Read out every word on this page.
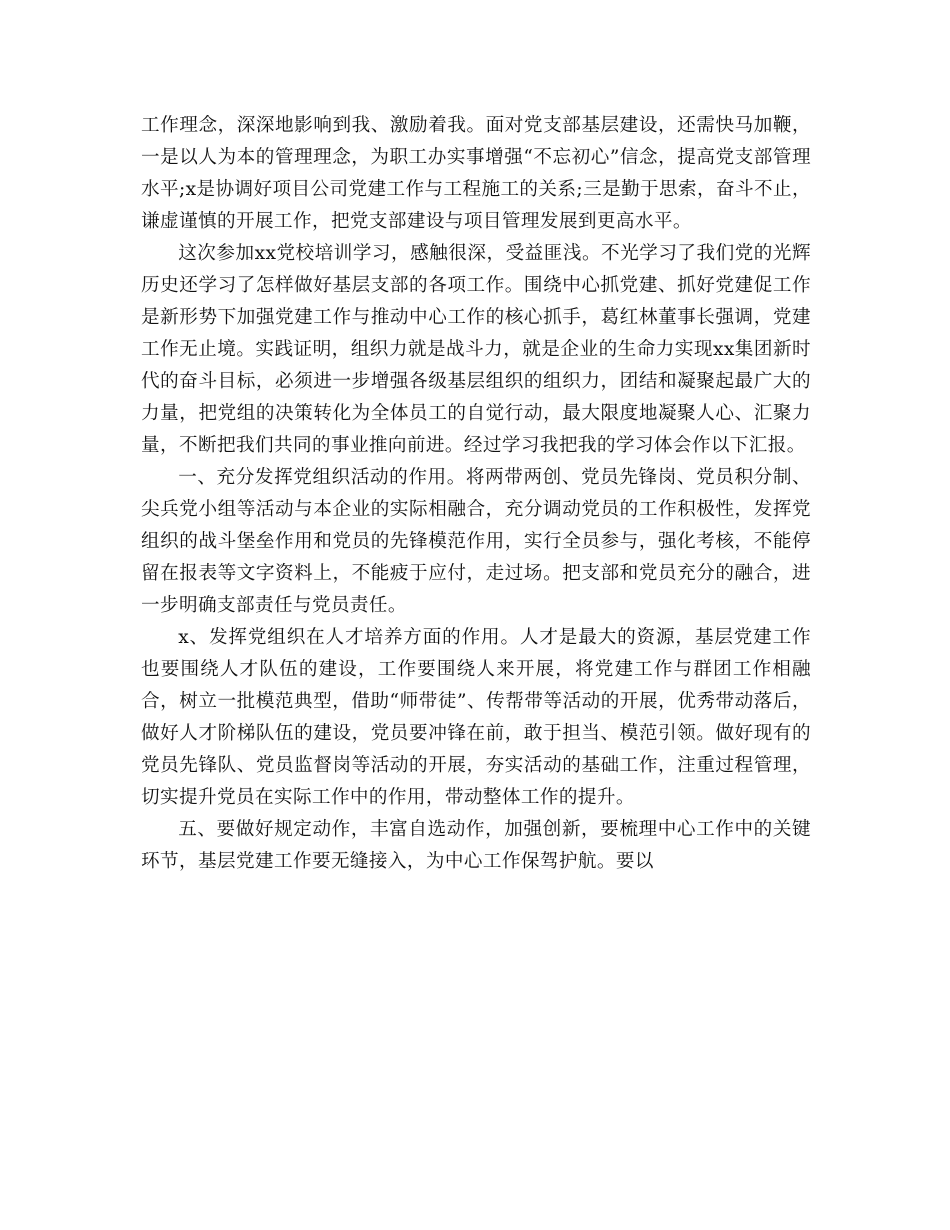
工作理念，深深地影响到我、激励着我。面对党支部基层建设，还需快马加鞭，一是以人为本的管理理念，为职工办实事增强“不忘初心”信念，提高党支部管理水平;x是协调好项目公司党建工作与工程施工的关系;三是勤于思索，奋斗不止，谦虚谨慎的开展工作，把党支部建设与项目管理发展到更高水平。

这次参加xx党校培训学习，感触很深，受益匪浅。不光学习了我们党的光辉历史还学习了怎样做好基层支部的各项工作。围绕中心抓党建、抓好党建促工作是新形势下加强党建工作与推动中心工作的核心抓手，葛红林董事长强调，党建工作无止境。实践证明，组织力就是战斗力，就是企业的生命力实现xx集团新时代的奋斗目标，必须进一步增强各级基层组织的组织力，团结和凝聚起最广大的力量，把党组的决策转化为全体员工的自觉行动，最大限度地凝聚人心、汇聚力量，不断把我们共同的事业推向前进。经过学习我把我的学习体会作以下汇报。

一、充分发挥党组织活动的作用。将两带两创、党员先锋岗、党员积分制、尖兵党小组等活动与本企业的实际相融合，充分调动党员的工作积极性，发挥党组织的战斗堡垒作用和党员的先锋模范作用，实行全员参与，强化考核，不能停留在报表等文字资料上，不能疲于应付，走过场。把支部和党员充分的融合，进一步明确支部责任与党员责任。

x、发挥党组织在人才培养方面的作用。人才是最大的资源，基层党建工作也要围绕人才队伍的建设，工作要围绕人来开展，将党建工作与群团工作相融合，树立一批模范典型，借助“师带徒”、传帮带等活动的开展，优秀带动落后，做好人才阶梯队伍的建设，党员要冲锋在前，敢于担当、模范引领。做好现有的党员先锋队、党员监督岗等活动的开展，夯实活动的基础工作，注重过程管理，切实提升党员在实际工作中的作用，带动整体工作的提升。

五、要做好规定动作，丰富自选动作，加强创新，要梳理中心工作中的关键环节，基层党建工作要无缝接入，为中心工作保驾护航。要以
